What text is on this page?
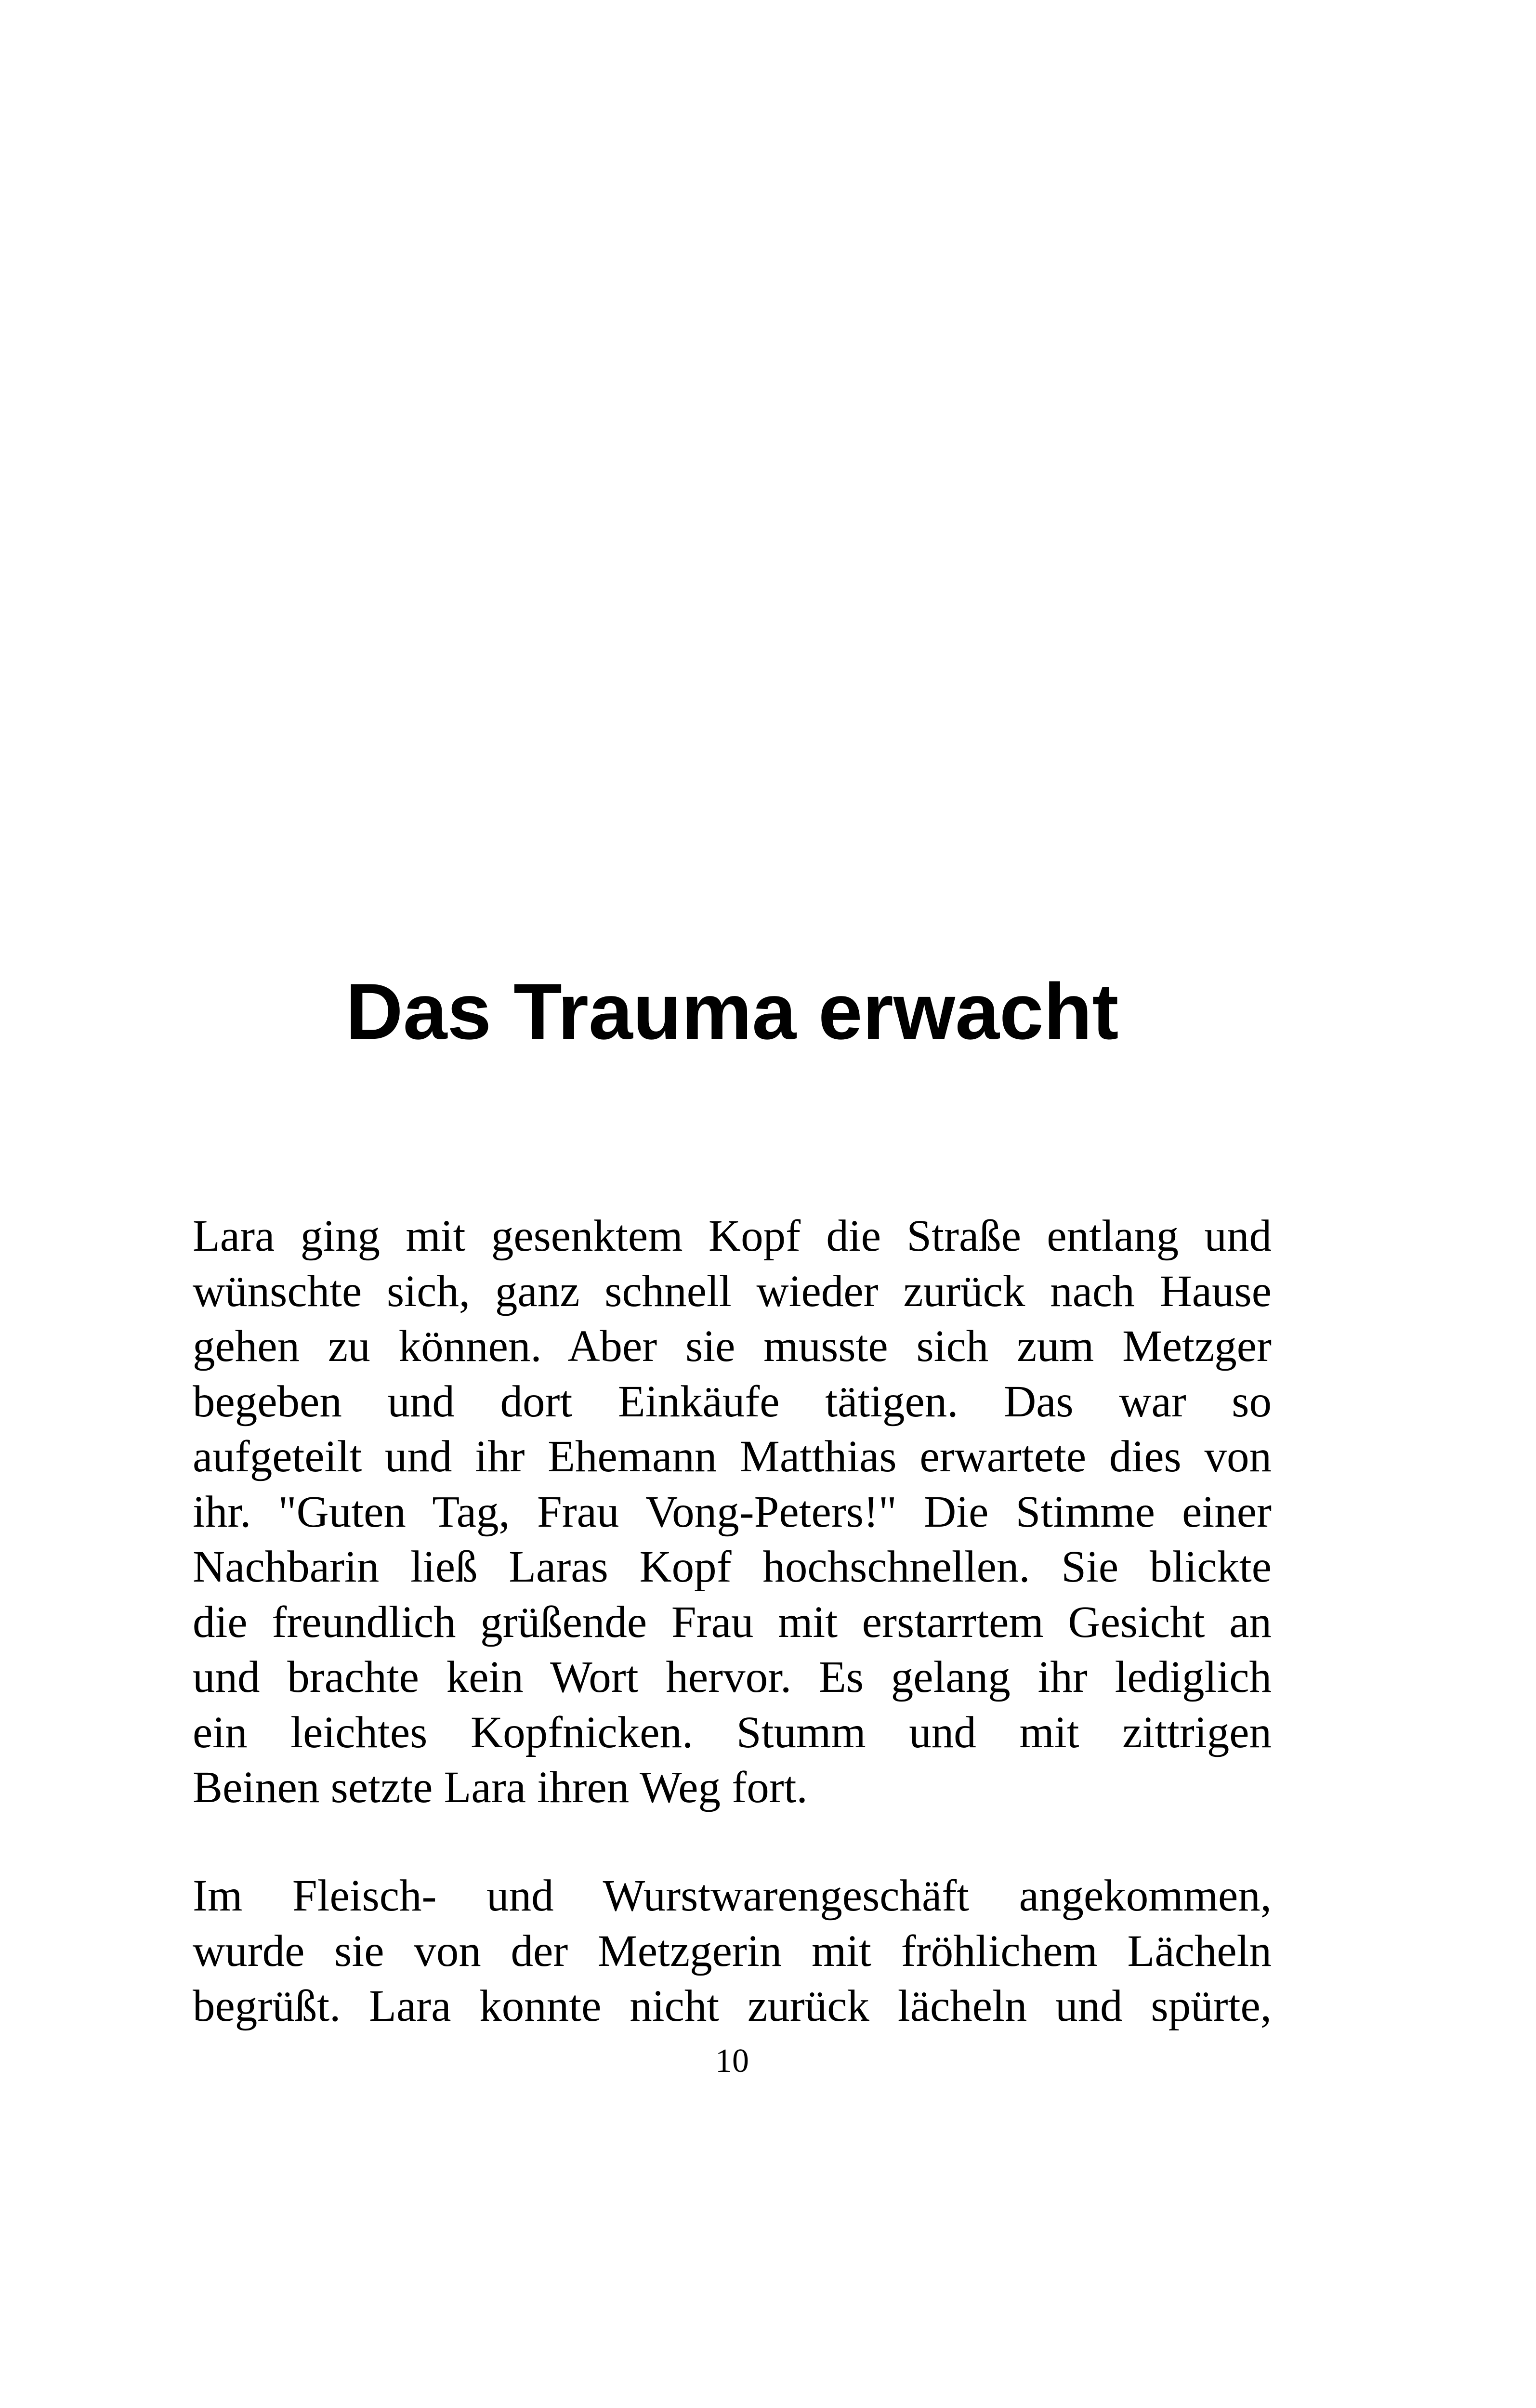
Das Trauma erwacht
Lara ging mit gesenktem Kopf die Straße entlang und
wünschte sich, ganz schnell wieder zurück nach Hause
gehen zu können. Aber sie musste sich zum Metzger
begeben und dort Einkäufe tätigen. Das war so
aufgeteilt und ihr Ehemann Matthias erwartete dies von
ihr. "Guten Tag, Frau Vong-Peters!" Die Stimme einer
Nachbarin ließ Laras Kopf hochschnellen. Sie blickte
die freundlich grüßende Frau mit erstarrtem Gesicht an
und brachte kein Wort hervor. Es gelang ihr lediglich
ein leichtes Kopfnicken. Stumm und mit zittrigen
Beinen setzte Lara ihren Weg fort.
Im Fleisch- und Wurstwarengeschäft angekommen,
wurde sie von der Metzgerin mit fröhlichem Lächeln
begrüßt. Lara konnte nicht zurück lächeln und spürte,
10
